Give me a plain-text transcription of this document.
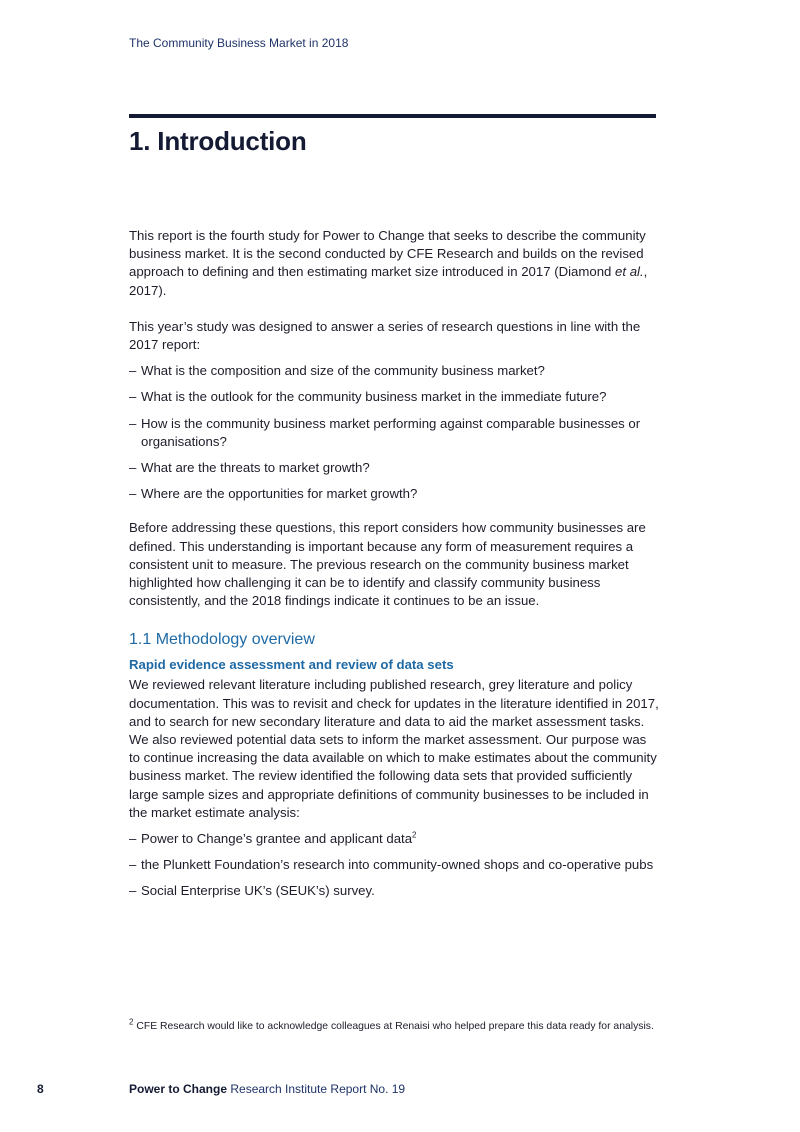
The Community Business Market in 2018
1. Introduction

This report is the fourth study for Power to Change that seeks to describe the community business market. It is the second conducted by CFE Research and builds on the revised approach to defining and then estimating market size introduced in 2017 (Diamond et al., 2017).

This year’s study was designed to answer a series of research questions in line with the 2017 report:

– What is the composition and size of the community business market?
– What is the outlook for the community business market in the immediate future?
– How is the community business market performing against comparable businesses or organisations?
– What are the threats to market growth?
– Where are the opportunities for market growth?

Before addressing these questions, this report considers how community businesses are defined. This understanding is important because any form of measurement requires a consistent unit to measure. The previous research on the community business market highlighted how challenging it can be to identify and classify community business consistently, and the 2018 findings indicate it continues to be an issue.

1.1 Methodology overview
Rapid evidence assessment and review of data sets

We reviewed relevant literature including published research, grey literature and policy documentation. This was to revisit and check for updates in the literature identified in 2017, and to search for new secondary literature and data to aid the market assessment tasks. We also reviewed potential data sets to inform the market assessment. Our purpose was to continue increasing the data available on which to make estimates about the community business market. The review identified the following data sets that provided sufficiently large sample sizes and appropriate definitions of community businesses to be included in the market estimate analysis:

– Power to Change’s grantee and applicant data$^2$
– the Plunkett Foundation’s research into community-owned shops and co-operative pubs
– Social Enterprise UK’s (SEUK’s) survey.
$^2$ CFE Research would like to acknowledge colleagues at Renaisi who helped prepare this data ready for analysis.
8	Power to Change Research Institute Report No. 19
